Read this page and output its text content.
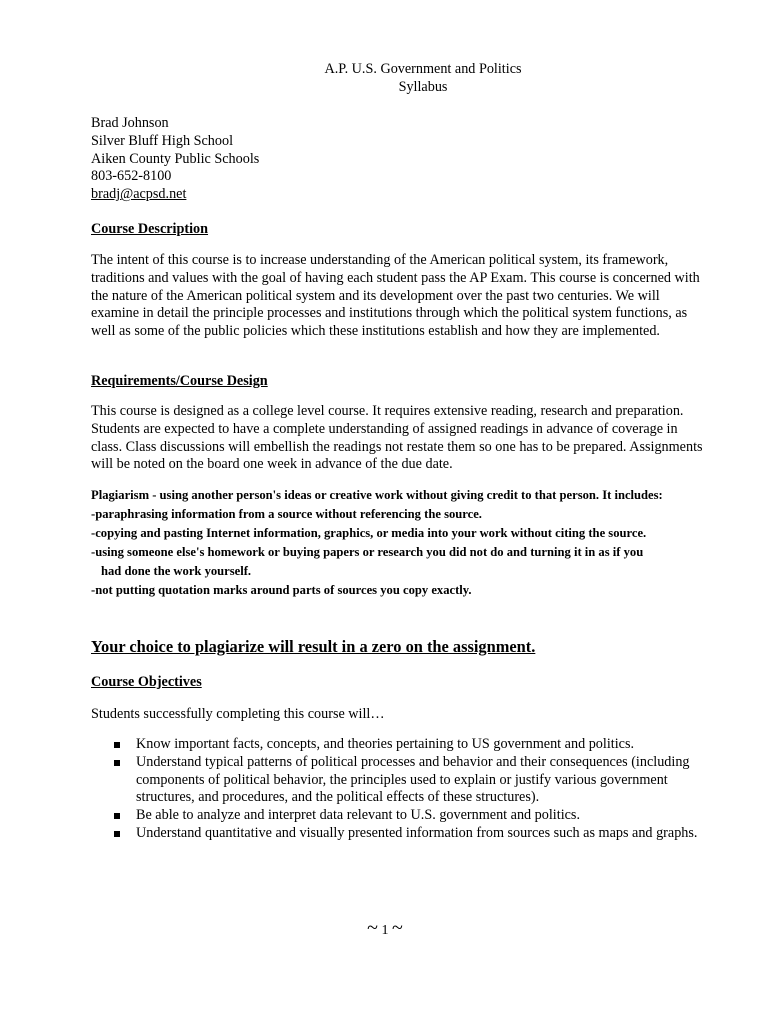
A.P. U.S. Government and Politics
Syllabus
Brad Johnson
Silver Bluff High School
Aiken County Public Schools
803-652-8100
bradj@acpsd.net
Course Description
The intent of this course is to increase understanding of the American political system, its framework, traditions and values with the goal of having each student pass the AP Exam. This course is concerned with the nature of the American political system and its development over the past two centuries. We will examine in detail the principle processes and institutions through which the political system functions, as well as some of the public policies which these institutions establish and how they are implemented.
Requirements/Course Design
This course is designed as a college level course. It requires extensive reading, research and preparation. Students are expected to have a complete understanding of assigned readings in advance of coverage in class. Class discussions will embellish the readings not restate them so one has to be prepared. Assignments will be noted on the board one week in advance of the due date.
Plagiarism - using another person's ideas or creative work without giving credit to that person. It includes:
-paraphrasing information from a source without referencing the source.
-copying and pasting Internet information, graphics, or media into your work without citing the source.
-using someone else's homework or buying papers or research you did not do and turning it in as if you
had done the work yourself.
-not putting quotation marks around parts of sources you copy exactly.
Your choice to plagiarize will result in a zero on the assignment.
Course Objectives
Students successfully completing this course will…
Know important facts, concepts, and theories pertaining to US government and politics.
Understand typical patterns of political processes and behavior and their consequences (including components of political behavior, the principles used to explain or justify various government structures, and procedures, and the political effects of these structures).
Be able to analyze and interpret data relevant to U.S. government and politics.
Understand quantitative and visually presented information from sources such as maps and graphs.
~ 1 ~
